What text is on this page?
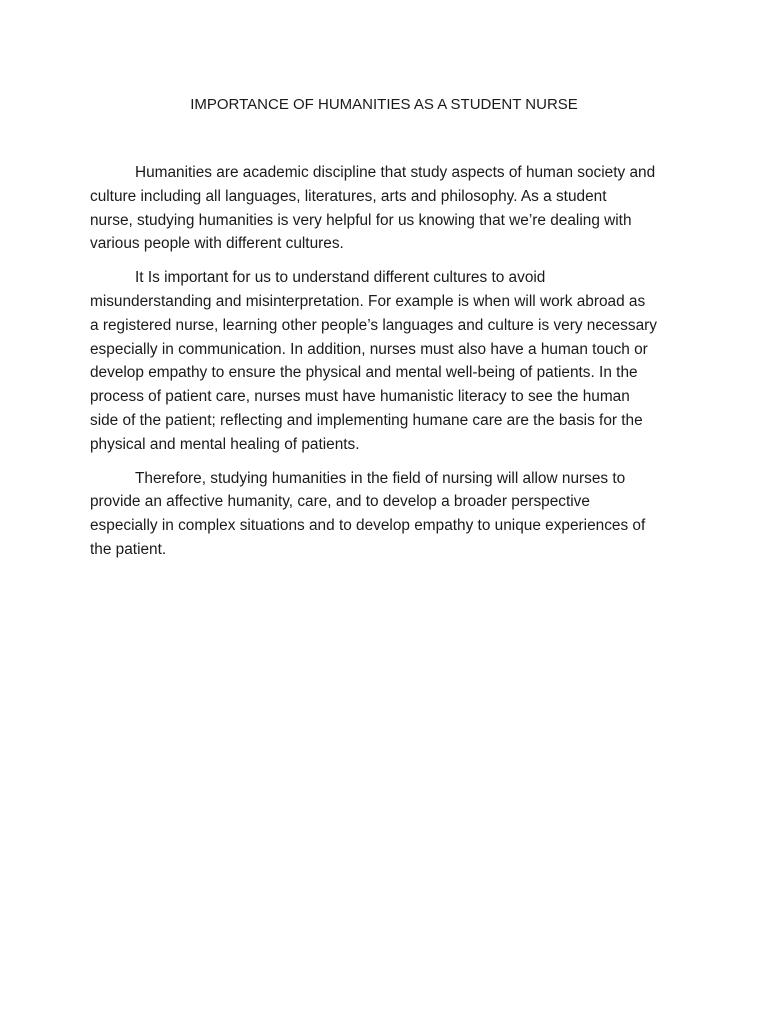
IMPORTANCE OF HUMANITIES AS A STUDENT NURSE

Humanities are academic discipline that study aspects of human society and
culture including all languages, literatures, arts and philosophy. As a student
nurse, studying humanities is very helpful for us knowing that we’re dealing with
various people with different cultures.

It Is important for us to understand different cultures to avoid
misunderstanding and misinterpretation. For example is when will work abroad as
a registered nurse, learning other people’s languages and culture is very necessary
especially in communication. In addition, nurses must also have a human touch or
develop empathy to ensure the physical and mental well-being of patients. In the
process of patient care, nurses must have humanistic literacy to see the human
side of the patient; reflecting and implementing humane care are the basis for the
physical and mental healing of patients.

Therefore, studying humanities in the field of nursing will allow nurses to
provide an affective humanity, care, and to develop a broader perspective
especially in complex situations and to develop empathy to unique experiences of
the patient.
